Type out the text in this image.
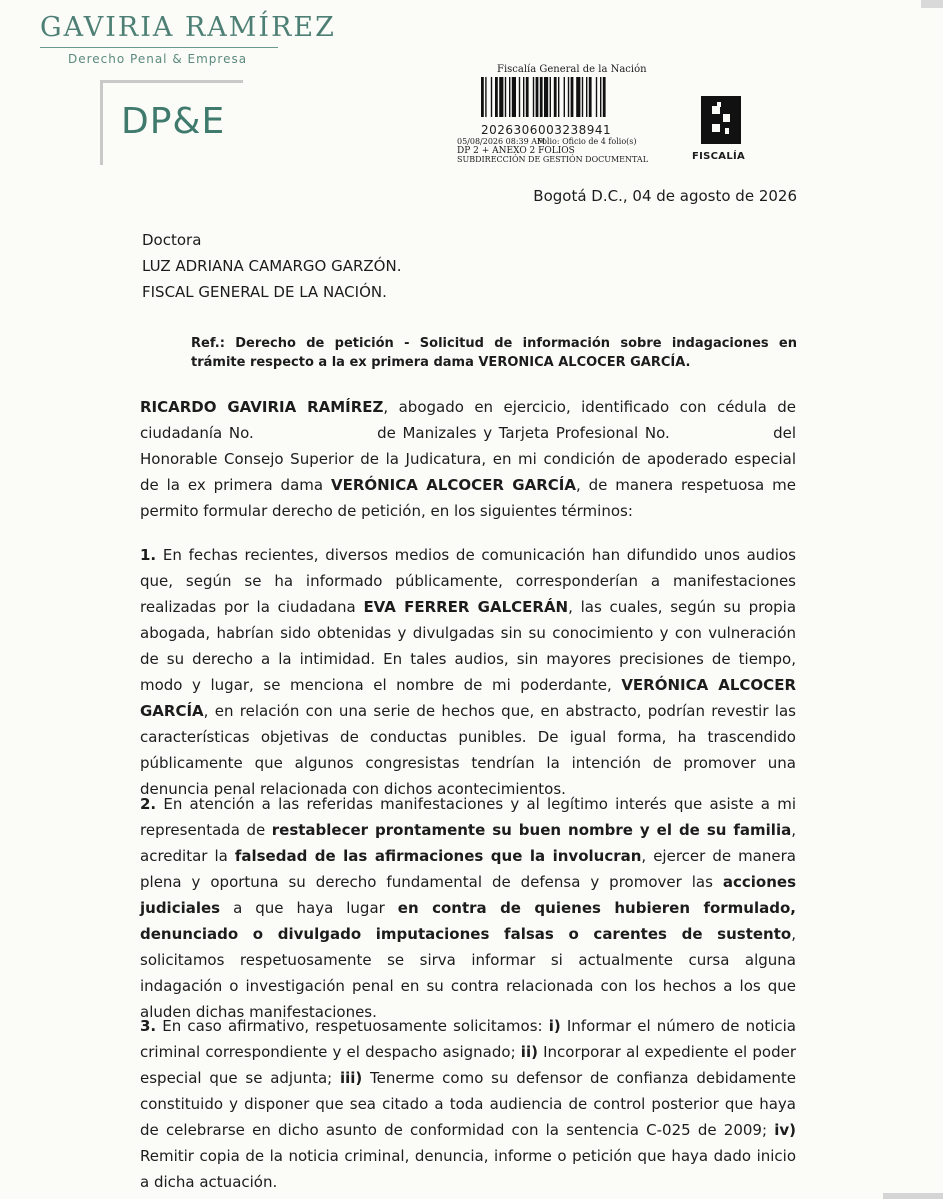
GAVIRIA RAMÍREZ
Derecho Penal & Empresa
DP&E
Fiscalía General de la Nación
20263060032389​41
05/08/2026 08:39 AM
Folio: Oficio de 4 folio(s)
DP 2 + ANEXO 2 FOLIOS
SUBDIRECCIÓN DE GESTIÓN DOCUMENTAL	FISCALÍA
Bogotá D.C., 04 de agosto de 2026
Doctora
LUZ ADRIANA CAMARGO GARZÓN.
FISCAL GENERAL DE LA NACIÓN.
Ref.: Derecho de petición - Solicitud de información sobre indagaciones en trámite respecto a la ex primera dama VERONICA ALCOCER GARCÍA.

RICARDO GAVIRIA RAMÍREZ, abogado en ejercicio, identificado con cédula de ciudadanía No.	de Manizales y Tarjeta Profesional No.	del Honorable Consejo Superior de la Judicatura, en mi condición de apoderado especial de la ex primera dama VERÓNICA ALCOCER GARCÍA, de manera respetuosa me permito formular derecho de petición, en los siguientes términos:

1. En fechas recientes, diversos medios de comunicación han difundido unos audios que, según se ha informado públicamente, corresponderían a manifestaciones realizadas por la ciudadana EVA FERRER GALCERÁN, las cuales, según su propia abogada, habrían sido obtenidas y divulgadas sin su conocimiento y con vulneración de su derecho a la intimidad. En tales audios, sin mayores precisiones de tiempo, modo y lugar, se menciona el nombre de mi poderdante, VERÓNICA ALCOCER GARCÍA, en relación con una serie de hechos que, en abstracto, podrían revestir las características objetivas de conductas punibles. De igual forma, ha trascendido públicamente que algunos congresistas tendrían la intención de promover una denuncia penal relacionada con dichos acontecimientos.

2. En atención a las referidas manifestaciones y al legítimo interés que asiste a mi representada de restablecer prontamente su buen nombre y el de su familia, acreditar la falsedad de las afirmaciones que la involucran, ejercer de manera plena y oportuna su derecho fundamental de defensa y promover las acciones judiciales a que haya lugar en contra de quienes hubieren formulado, denunciado o divulgado imputaciones falsas o carentes de sustento, solicitamos respetuosamente se sirva informar si actualmente cursa alguna indagación o investigación penal en su contra relacionada con los hechos a los que aluden dichas manifestaciones.

3. En caso afirmativo, respetuosamente solicitamos: i) Informar el número de noticia criminal correspondiente y el despacho asignado; ii) Incorporar al expediente el poder especial que se adjunta; iii) Tenerme como su defensor de confianza debidamente constituido y disponer que sea citado a toda audiencia de control posterior que haya de celebrarse en dicho asunto de conformidad con la sentencia C-025 de 2009; iv) Remitir copia de la noticia criminal, denuncia, informe o petición que haya dado inicio a dicha actuación.
